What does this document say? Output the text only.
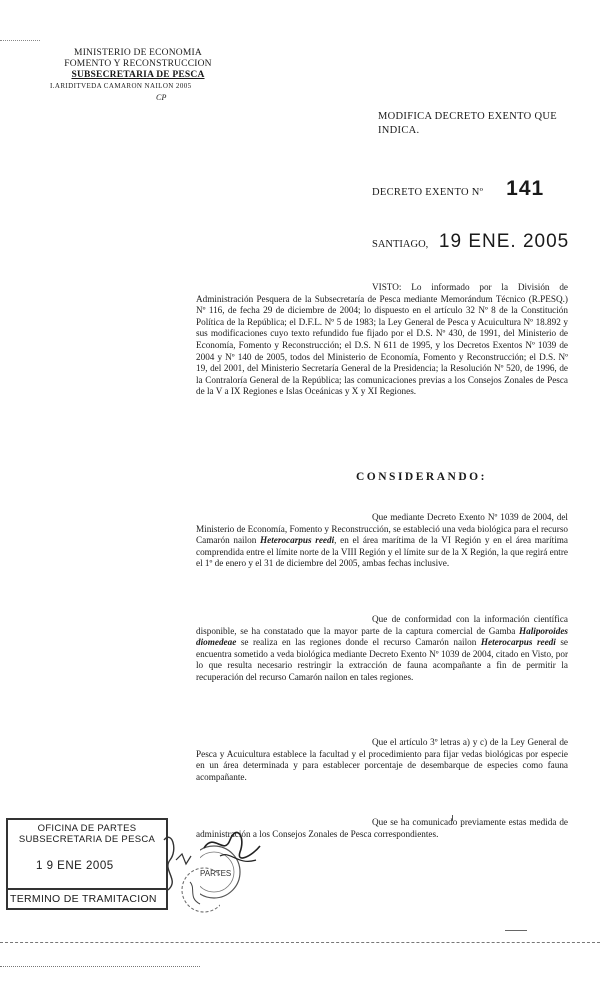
MINISTERIO DE ECONOMIA
FOMENTO Y RECONSTRUCCION
SUBSECRETARIA DE PESCA
I.ARIDITVEDA CAMARON NAILON 2005
CP
MODIFICA DECRETO EXENTO QUE INDICA.
DECRETO EXENTO Nº 141
SANTIAGO, 19 ENE. 2005
VISTO: Lo informado por la División de Administración Pesquera de la Subsecretaría de Pesca mediante Memorándum Técnico (R.PESQ.) Nº 116, de fecha 29 de diciembre de 2004; lo dispuesto en el artículo 32 Nº 8 de la Constitución Política de la República; el D.F.L. Nº 5 de 1983; la Ley General de Pesca y Acuicultura Nº 18.892 y sus modificaciones cuyo texto refundido fue fijado por el D.S. Nº 430, de 1991, del Ministerio de Economía, Fomento y Reconstrucción; el D.S. N 611 de 1995, y los Decretos Exentos Nº 1039 de 2004 y Nº 140 de 2005, todos del Ministerio de Economía, Fomento y Reconstrucción; el D.S. Nº 19, del 2001, del Ministerio Secretaría General de la Presidencia; la Resolución Nº 520, de 1996, de la Contraloría General de la República; las comunicaciones previas a los Consejos Zonales de Pesca de la V a IX Regiones e Islas Oceánicas y X y XI Regiones.
CONSIDERANDO:
Que mediante Decreto Exento Nº 1039 de 2004, del Ministerio de Economía, Fomento y Reconstrucción, se estableció una veda biológica para el recurso Camarón nailon Heterocarpus reedi, en el área marítima de la VI Región y en el área marítima comprendida entre el límite norte de la VIII Región y el límite sur de la X Región, la que regirá entre el 1º de enero y el 31 de diciembre del 2005, ambas fechas inclusive.
Que de conformidad con la información científica disponible, se ha constatado que la mayor parte de la captura comercial de Gamba Haliporoides diomedeae se realiza en las regiones donde el recurso Camarón nailon Heterocarpus reedi se encuentra sometido a veda biológica mediante Decreto Exento Nº 1039 de 2004, citado en Visto, por lo que resulta necesario restringir la extracción de fauna acompañante a fin de permitir la recuperación del recurso Camarón nailon en tales regiones.
Que el artículo 3º letras a) y c) de la Ley General de Pesca y Acuicultura establece la facultad y el procedimiento para fijar vedas biológicas por especie en un área determinada y para establecer porcentaje de desembarque de especies como fauna acompañante.
Que se ha comunicado previamente estas medida de administración a los Consejos Zonales de Pesca correspondientes.
OFICINA DE PARTES
SUBSECRETARIA DE PESCA
1 9 ENE 2005
TERMINO DE TRAMITACION
PARTES
